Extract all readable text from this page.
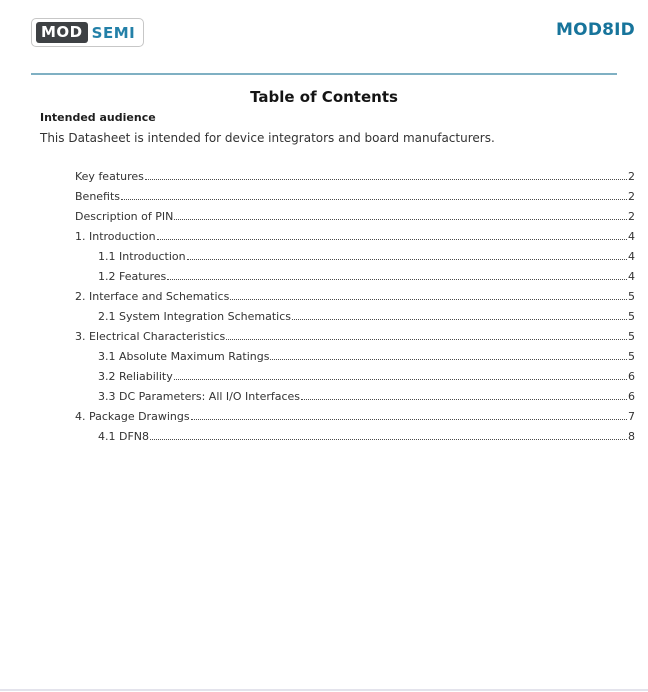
MOD SEMI	MOD8ID
Table of Contents
Intended audience
This Datasheet is intended for device integrators and board manufacturers.
Key features	2
Benefits	2
Description of PIN	2
1. Introduction	4
1.1 Introduction	4
1.2 Features	4
2. Interface and Schematics	5
2.1 System Integration Schematics	5
3. Electrical Characteristics	5
3.1 Absolute Maximum Ratings	5
3.2 Reliability	6
3.3 DC Parameters: All I/O Interfaces	6
4. Package Drawings	7
4.1 DFN8	8
